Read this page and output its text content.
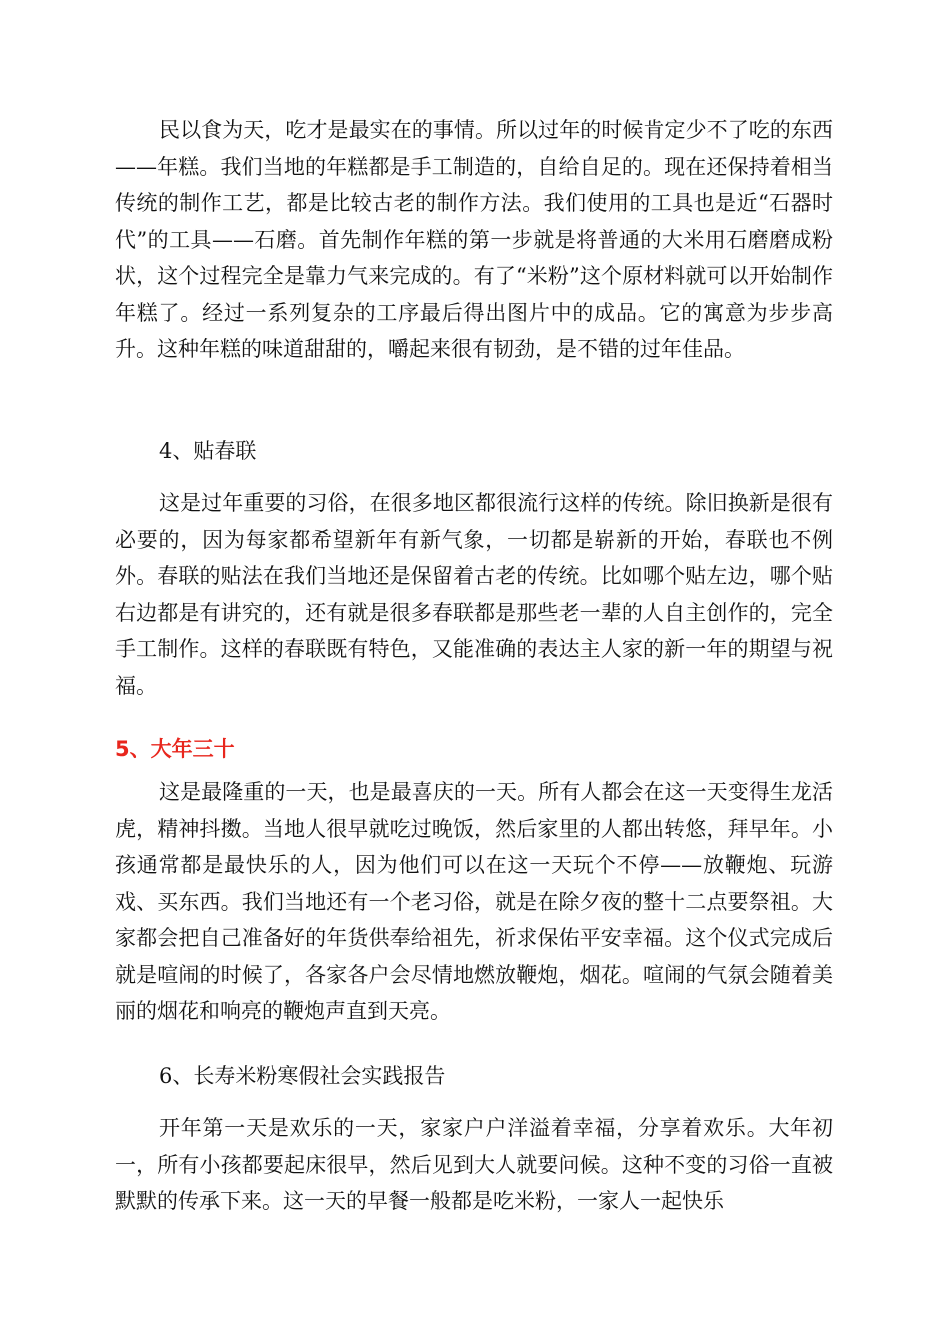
民以食为天，吃才是最实在的事情。所以过年的时候肯定少不了吃的东西——年糕。我们当地的年糕都是手工制造的，自给自足的。现在还保持着相当传统的制作工艺，都是比较古老的制作方法。我们使用的工具也是近“石器时代”的工具——石磨。首先制作年糕的第一步就是将普通的大米用石磨磨成粉状，这个过程完全是靠力气来完成的。有了“米粉”这个原材料就可以开始制作年糕了。经过一系列复杂的工序最后得出图片中的成品。它的寓意为步步高升。这种年糕的味道甜甜的，嚼起来很有韧劲，是不错的过年佳品。

4、贴春联

这是过年重要的习俗，在很多地区都很流行这样的传统。除旧换新是很有必要的，因为每家都希望新年有新气象，一切都是崭新的开始，春联也不例外。春联的贴法在我们当地还是保留着古老的传统。比如哪个贴左边，哪个贴右边都是有讲究的，还有就是很多春联都是那些老一辈的人自主创作的，完全手工制作。这样的春联既有特色，又能准确的表达主人家的新一年的期望与祝福。

5、大年三十

这是最隆重的一天，也是最喜庆的一天。所有人都会在这一天变得生龙活虎，精神抖擞。当地人很早就吃过晚饭，然后家里的人都出转悠，拜早年。小孩通常都是最快乐的人，因为他们可以在这一天玩个不停——放鞭炮、玩游戏、买东西。我们当地还有一个老习俗，就是在除夕夜的整十二点要祭祖。大家都会把自己准备好的年货供奉给祖先，祈求保佑平安幸福。这个仪式完成后就是喧闹的时候了，各家各户会尽情地燃放鞭炮，烟花。喧闹的气氛会随着美丽的烟花和响亮的鞭炮声直到天亮。

6、长寿米粉寒假社会实践报告

开年第一天是欢乐的一天，家家户户洋溢着幸福，分享着欢乐。大年初一，所有小孩都要起床很早，然后见到大人就要问候。这种不变的习俗一直被默默的传承下来。这一天的早餐一般都是吃米粉，一家人一起快乐
